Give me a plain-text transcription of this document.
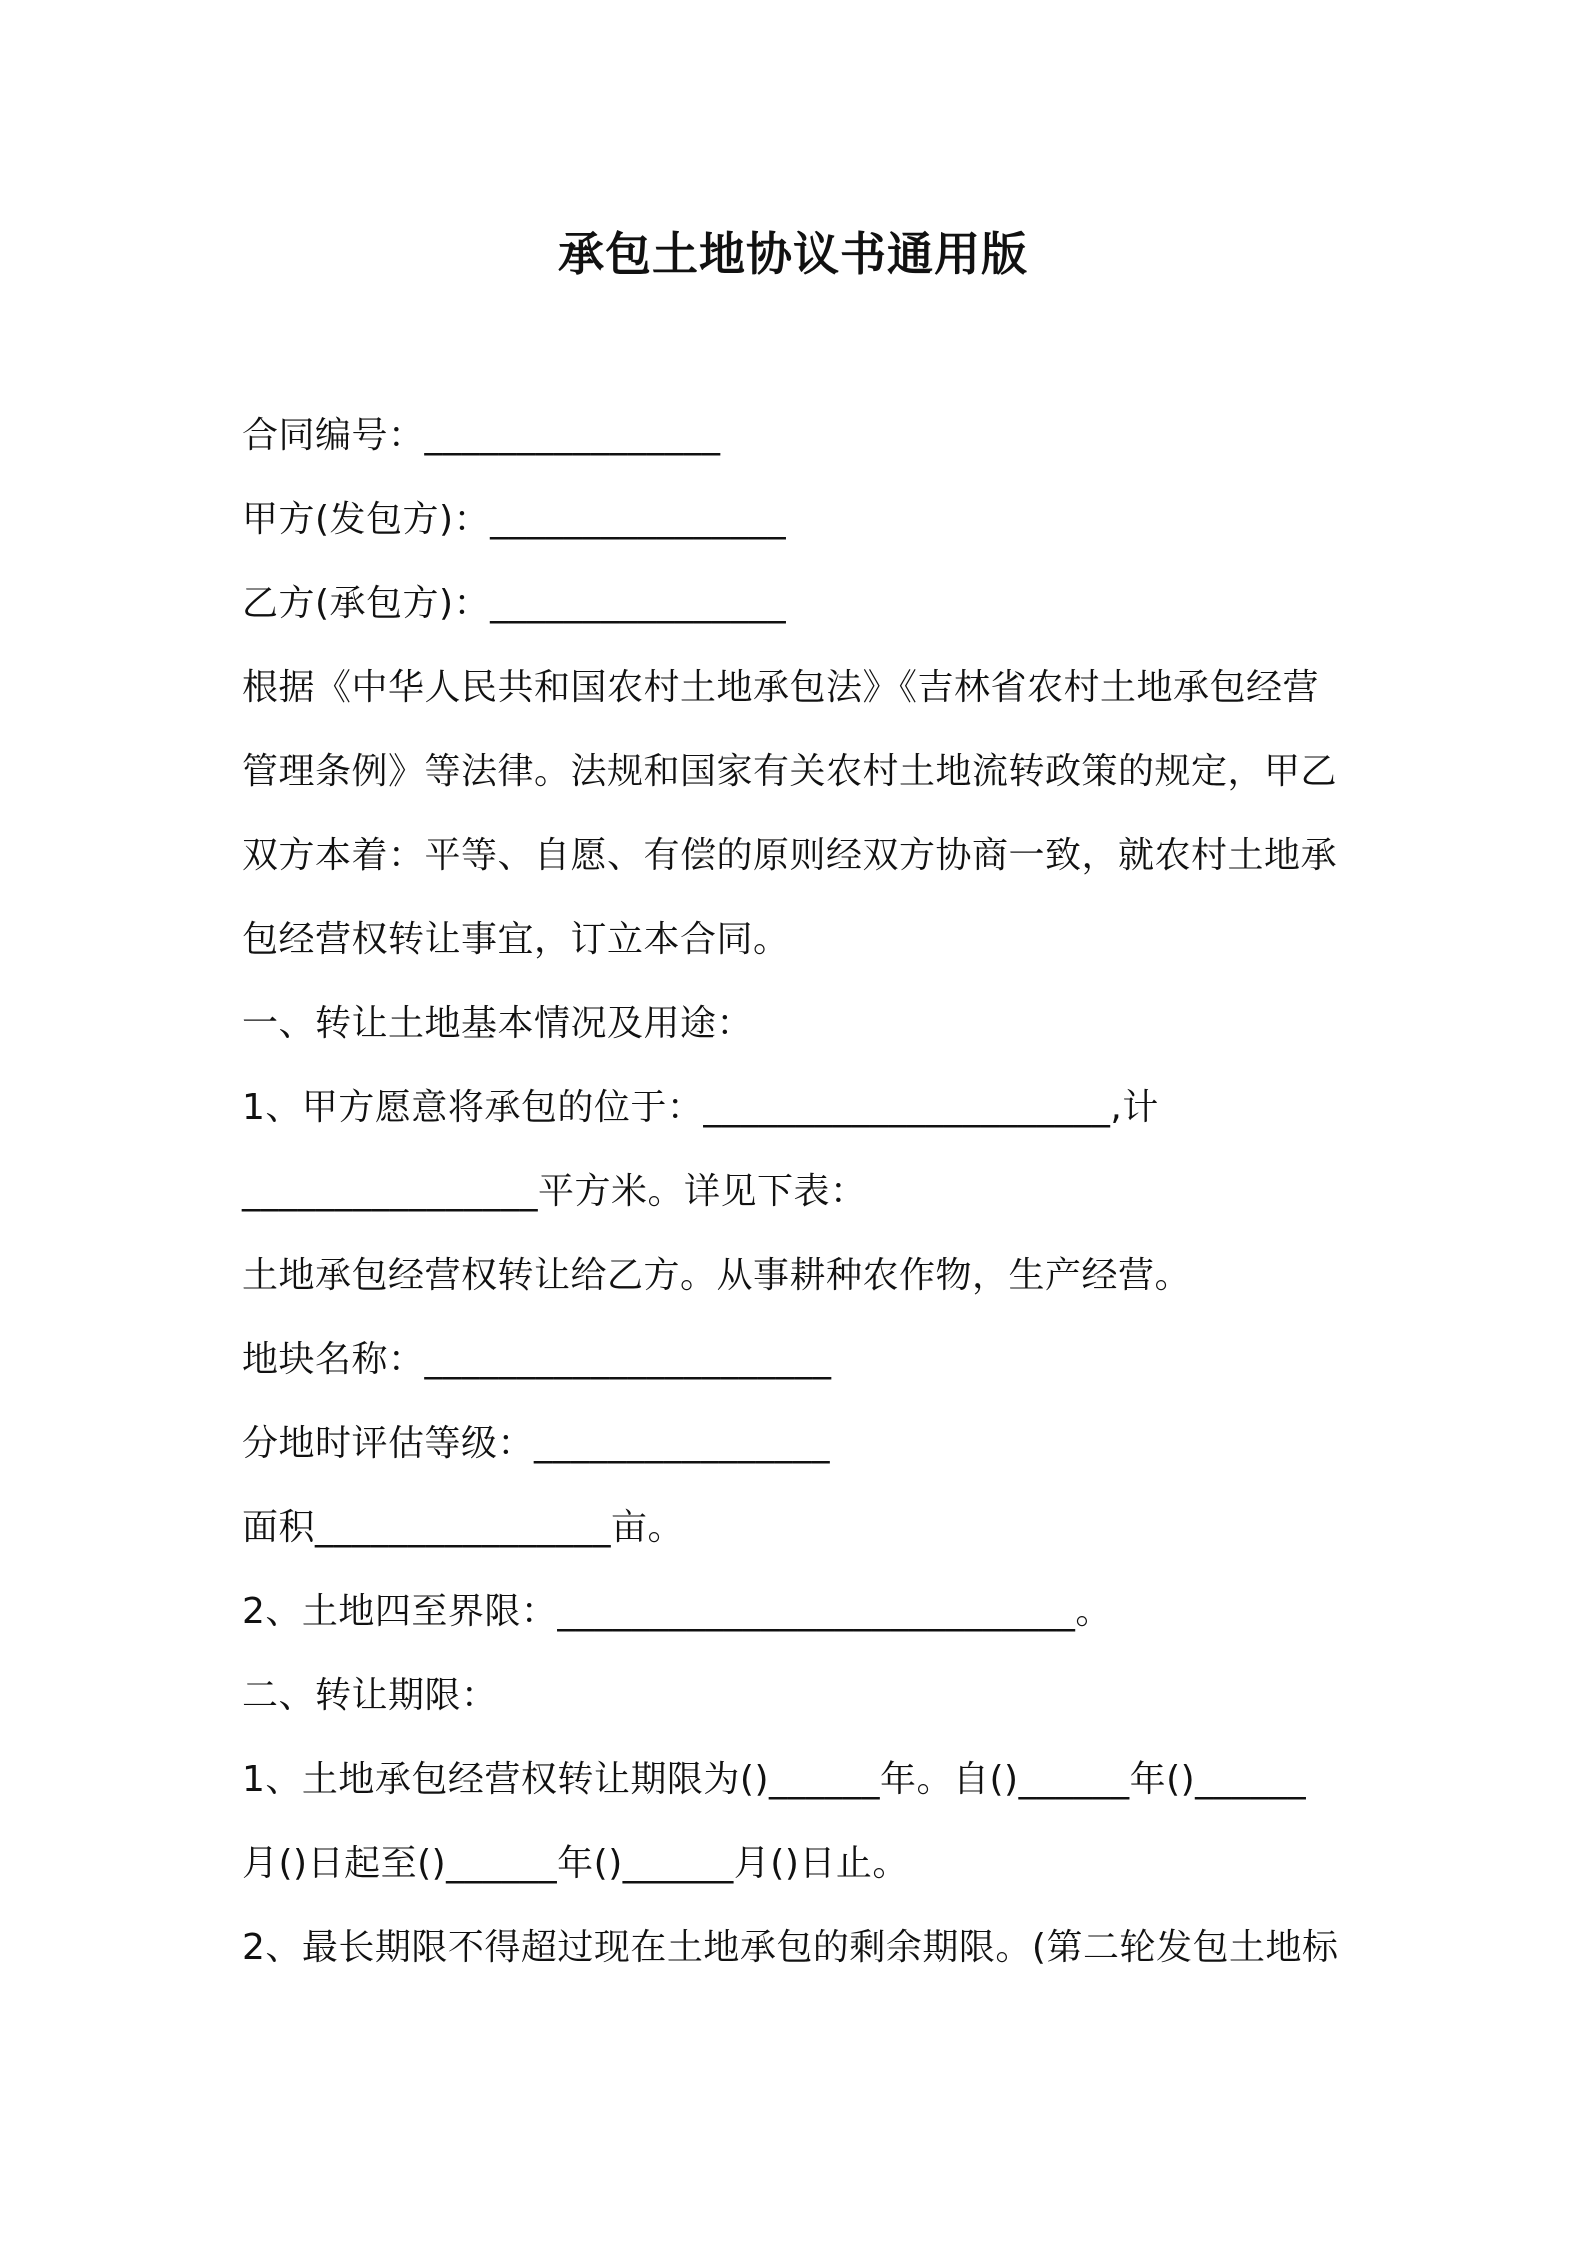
承包土地协议书通用版
合同编号：________________
甲方(发包方)：________________
乙方(承包方)：________________
根据《中华人民共和国农村土地承包法》《吉林省农村土地承包经营
管理条例》等法律。法规和国家有关农村土地流转政策的规定，甲乙
双方本着：平等、自愿、有偿的原则经双方协商一致，就农村土地承
包经营权转让事宜，订立本合同。
一、转让土地基本情况及用途：
1、甲方愿意将承包的位于：______________________,计
________________平方米。详见下表：
土地承包经营权转让给乙方。从事耕种农作物，生产经营。
地块名称：______________________
分地时评估等级：________________
面积________________亩。
2、土地四至界限：____________________________。
二、转让期限：
1、土地承包经营权转让期限为()______年。自()______年()______
月()日起至()______年()______月()日止。
2、最长期限不得超过现在土地承包的剩余期限。(第二轮发包土地标
